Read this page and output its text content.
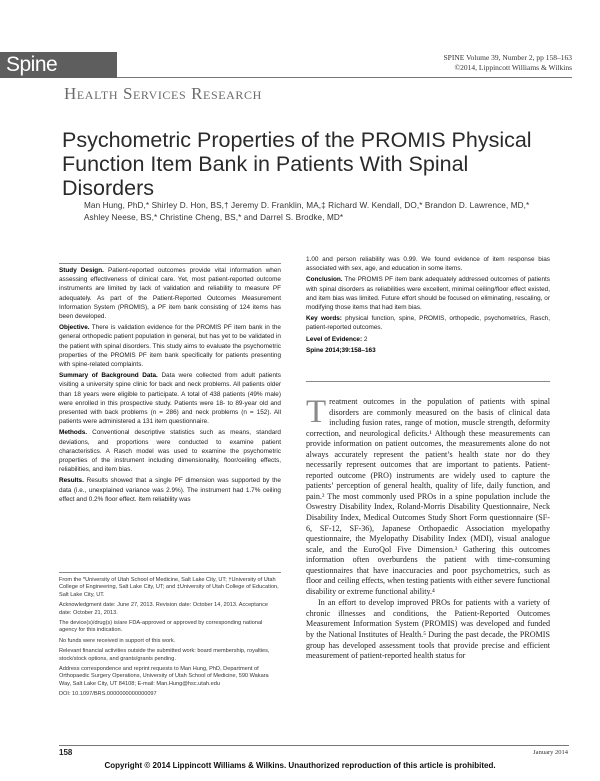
Spine	SPINE Volume 39, Number 2, pp 158–163
©2014, Lippincott Williams & Wilkins
Health Services Research
Psychometric Properties of the PROMIS Physical Function Item Bank in Patients With Spinal Disorders
Man Hung, PhD,* Shirley D. Hon, BS,† Jeremy D. Franklin, MA,‡ Richard W. Kendall, DO,* Brandon D. Lawrence, MD,* Ashley Neese, BS,* Christine Cheng, BS,* and Darrel S. Brodke, MD*

Study Design. Patient-reported outcomes provide vital information when assessing effectiveness of clinical care. Yet, most patient-reported outcome instruments are limited by lack of validation and reliability to measure PF adequately. As part of the Patient-Reported Outcomes Measurement Information System (PROMIS), a PF item bank consisting of 124 items has been developed.

Objective. There is validation evidence for the PROMIS PF item bank in the general orthopedic patient population in general, but has yet to be validated in the patient with spinal disorders. This study aims to evaluate the psychometric properties of the PROMIS PF item bank specifically for patients presenting with spine-related complaints.

Summary of Background Data. Data were collected from adult patients visiting a university spine clinic for back and neck problems. All patients older than 18 years were eligible to participate. A total of 438 patients (49% male) were enrolled in this prospective study. Patients were 18- to 89-year old and presented with back problems (n = 286) and neck problems (n = 152). All patients were administered a 131 item questionnaire.

Methods. Conventional descriptive statistics such as means, standard deviations, and proportions were conducted to examine patient characteristics. A Rasch model was used to examine the psychometric properties of the instrument including dimensionality, floor/ceiling effects, reliabilities, and item bias.

Results. Results showed that a single PF dimension was supported by the data (i.e., unexplained variance was 2.9%). The instrument had 1.7% ceiling effect and 0.2% floor effect. Item reliability was

1.00 and person reliability was 0.99. We found evidence of item response bias associated with sex, age, and education in some items.

Conclusion. The PROMIS PF item bank adequately addressed outcomes of patients with spinal disorders as reliabilities were excellent, minimal ceiling/floor effect existed, and item bias was limited. Future effort should be focused on eliminating, rescaling, or modifying those items that had item bias.

Key words: physical function, spine, PROMIS, orthopedic, psychometrics, Rasch, patient-reported outcomes.

Level of Evidence: 2

Spine 2014;39:158–163

From the *University of Utah School of Medicine, Salt Lake City, UT; †University of Utah College of Engineering, Salt Lake City, UT; and ‡University of Utah College of Education, Salt Lake City, UT.

Acknowledgment date: June 27, 2013. Revision date: October 14, 2013. Acceptance date: October 21, 2013.

The device(s)/drug(s) is/are FDA-approved or approved by corresponding national agency for this indication.

No funds were received in support of this work.

Relevant financial activities outside the submitted work: board membership, royalties, stock/stock options, and grants/grants pending.

Address correspondence and reprint requests to Man Hung, PhD, Department of Orthopaedic Surgery Operations, University of Utah School of Medicine, 590 Wakara Way, Salt Lake City, UT 84108; E-mail: Man.Hung@hsc.utah.edu

DOI: 10.1097/BRS.0000000000000097

Treatment outcomes in the population of patients with spinal disorders are commonly measured on the basis of clinical data including fusion rates, range of motion, muscle strength, deformity correction, and neurological deficits.¹ Although these measurements can provide information on patient outcomes, the measurements alone do not always accurately represent the patient’s health state nor do they necessarily represent outcomes that are important to patients. Patient-reported outcome (PRO) instruments are widely used to capture the patients’ perception of general health, quality of life, daily function, and pain.² The most commonly used PROs in a spine population include the Oswestry Disability Index, Roland-Morris Disability Questionnaire, Neck Disability Index, Medical Outcomes Study Short Form questionnaire (SF-6, SF-12, SF-36), Japanese Orthopaedic Association myelopathy questionnaire, the Myelopathy Disability Index (MDI), visual analogue scale, and the EuroQol Five Dimension.³ Gathering this outcomes information often overburdens the patient with time-consuming questionnaires that have inaccuracies and poor psychometrics, such as floor and ceiling effects, when testing patients with either severe functional disability or extreme functional ability.⁴

In an effort to develop improved PROs for patients with a variety of chronic illnesses and conditions, the Patient-Reported Outcomes Measurement Information System (PROMIS) was developed and funded by the National Institutes of Health.⁵ During the past decade, the PROMIS group has developed assessment tools that provide precise and efficient measurement of patient-reported health status for

158	January 2014
Copyright © 2014 Lippincott Williams & Wilkins. Unauthorized reproduction of this article is prohibited.
